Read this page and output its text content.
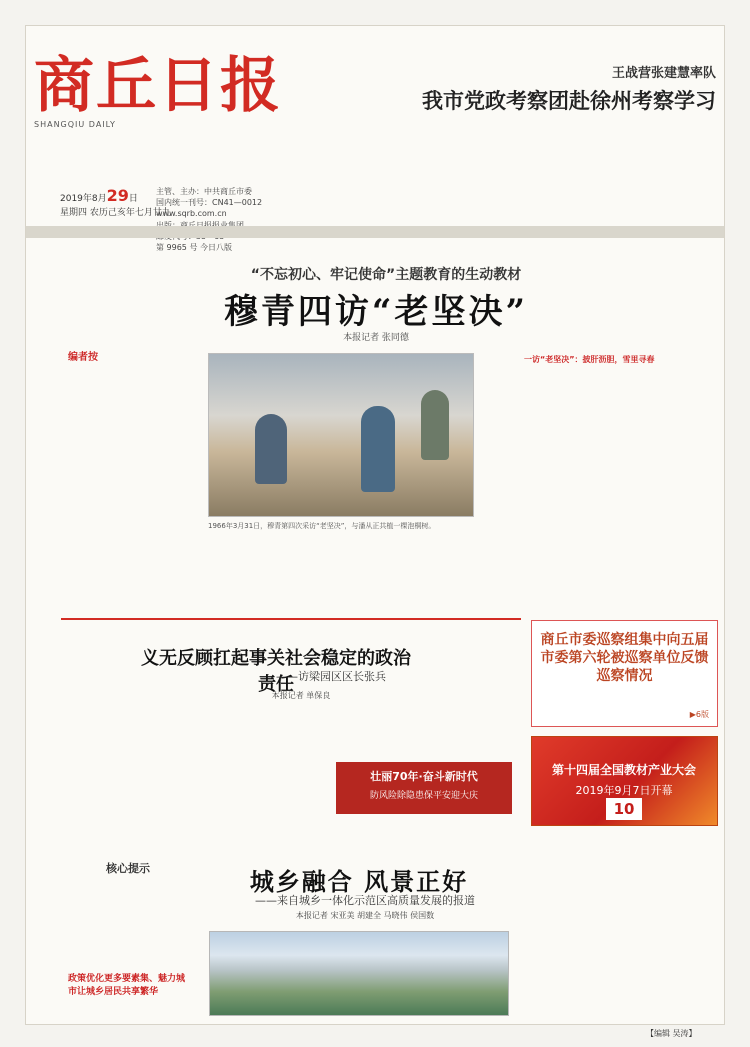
商丘日报
SHANGQIU DAILY
2019年8月29日
星期四 农历己亥年七月廿九
主管、主办：中共商丘市委
国内统一刊号：CN41—0012
www.sqrb.com.cn
第 9965 号 今日八版
王战营张建慧率队
我市党政考察团赴徐州考察学习
“不忘初心、牢记使命”主题教育的生动教材
穆青四访“老坚决”
本报记者 张同德
编者按
1966年3月31日，穆青第四次采访“老坚决”，与潘从正共植一棵泡桐树。
一访“老坚决”：披肝沥胆，雪里寻春
义无反顾扛起事关社会稳定的政治责任
——访梁园区区长张兵
本报记者 单保良
商丘市委巡察组集中向五届市委第六轮被巡察单位反馈巡察情况
▶6版
第十四届全国教材产业大会
2019年9月7日开幕
10
壮丽70年·奋斗新时代
防风险除隐患保平安迎大庆
核心提示	城乡融合 风景正好
——来自城乡一体化示范区高质量发展的报道
本报记者 宋亚美 胡建全 马晓伟 侯国数
政策优化更多要素集、魅力城市让城乡居民共享繁华
【编辑 吴涛】
